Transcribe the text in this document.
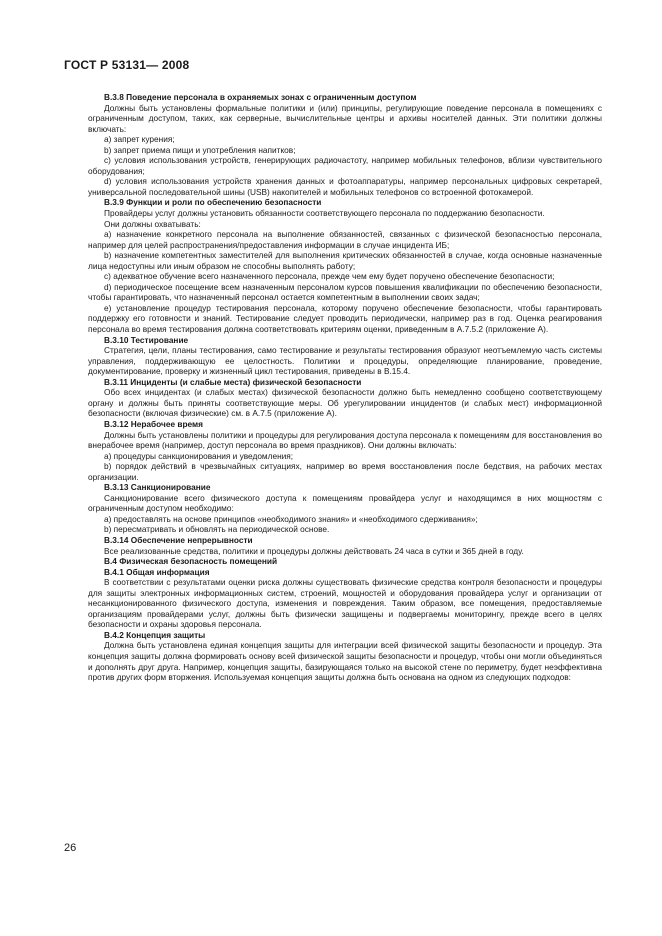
ГОСТ Р 53131— 2008
B.3.8 Поведение персонала в охраняемых зонах с ограниченным доступом

Должны быть установлены формальные политики и (или) принципы, регулирующие поведение персонала в помещениях с ограниченным доступом, таких, как серверные, вычислительные центры и архивы носителей данных. Эти политики должны включать:

a) запрет курения;

b) запрет приема пищи и употребления напитков;

c) условия использования устройств, генерирующих радиочастоту, например мобильных телефонов, вблизи чувствительного оборудования;

d) условия использования устройств хранения данных и фотоаппаратуры, например персональных цифровых секретарей, универсальной последовательной шины (USB) накопителей и мобильных телефонов со встроенной фотокамерой.

B.3.9 Функции и роли по обеспечению безопасности

Провайдеры услуг должны установить обязанности соответствующего персонала по поддержанию безопасности.

Они должны охватывать:

a) назначение конкретного персонала на выполнение обязанностей, связанных с физической безопасностью персонала, например для целей распространения/предоставления информации в случае инцидента ИБ;

b) назначение компетентных заместителей для выполнения критических обязанностей в случае, когда основные назначенные лица недоступны или иным образом не способны выполнять работу;

c) адекватное обучение всего назначенного персонала, прежде чем ему будет поручено обеспечение безопасности;

d) периодическое посещение всем назначенным персоналом курсов повышения квалификации по обеспечению безопасности, чтобы гарантировать, что назначенный персонал остается компетентным в выполнении своих задач;

e) установление процедур тестирования персонала, которому поручено обеспечение безопасности, чтобы гарантировать поддержку его готовности и знаний. Тестирование следует проводить периодически, например раз в год. Оценка реагирования персонала во время тестирования должна соответствовать критериям оценки, приведенным в A.7.5.2 (приложение A).

B.3.10 Тестирование

Стратегия, цели, планы тестирования, само тестирование и результаты тестирования образуют неотъемлемую часть системы управления, поддерживающую ее целостность. Политики и процедуры, определяющие планирование, проведение, документирование, проверку и жизненный цикл тестирования, приведены в B.15.4.

B.3.11 Инциденты (и слабые места) физической безопасности

Обо всех инцидентах (и слабых местах) физической безопасности должно быть немедленно сообщено соответствующему органу и должны быть приняты соответствующие меры. Об урегулировании инцидентов (и слабых мест) информационной безопасности (включая физические) см. в A.7.5 (приложение A).

B.3.12 Нерабочее время

Должны быть установлены политики и процедуры для регулирования доступа персонала к помещениям для восстановления во внерабочее время (например, доступ персонала во время праздников). Они должны включать:

a) процедуры санкционирования и уведомления;

b) порядок действий в чрезвычайных ситуациях, например во время восстановления после бедствия, на рабочих местах организации.

B.3.13 Санкционирование

Санкционирование всего физического доступа к помещениям провайдера услуг и находящимся в них мощностям с ограниченным доступом необходимо:

a) предоставлять на основе принципов «необходимого знания» и «необходимого сдерживания»;

b) пересматривать и обновлять на периодической основе.

B.3.14 Обеспечение непрерывности

Все реализованные средства, политики и процедуры должны действовать 24 часа в сутки и 365 дней в году.

B.4 Физическая безопасность помещений
B.4.1 Общая информация

В соответствии с результатами оценки риска должны существовать физические средства контроля безопасности и процедуры для защиты электронных информационных систем, строений, мощностей и оборудования провайдера услуг и организации от несанкционированного физического доступа, изменения и повреждения. Таким образом, все помещения, предоставляемые организациям провайдерами услуг, должны быть физически защищены и подвергаемы мониторингу, прежде всего в целях безопасности и охраны здоровья персонала.

B.4.2 Концепция защиты

Должна быть установлена единая концепция защиты для интеграции всей физической защиты безопасности и процедур. Эта концепция защиты должна формировать основу всей физической защиты безопасности и процедур, чтобы они могли объединяться и дополнять друг друга. Например, концепция защиты, базирующаяся только на высокой стене по периметру, будет неэффективна против других форм вторжения. Используемая концепция защиты должна быть основана на одном из следующих подходов:

26
